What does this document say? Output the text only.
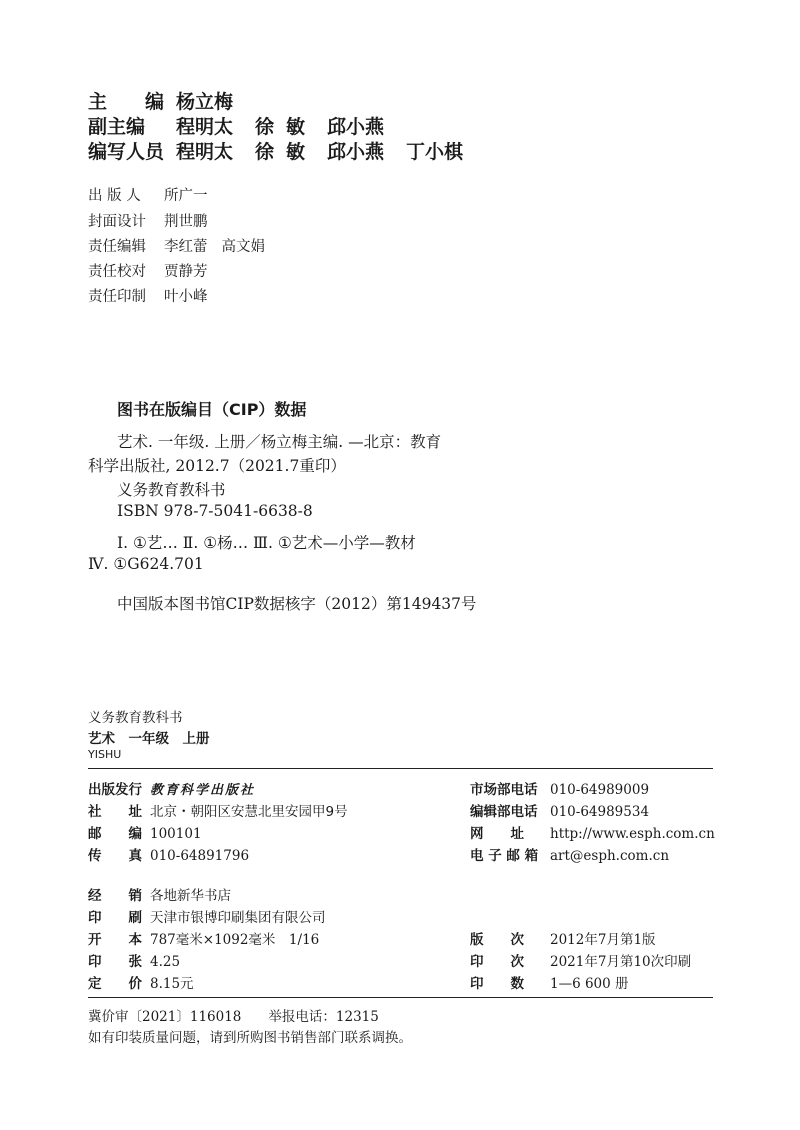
主　　编 杨立梅
副主编 程明太 徐敏 邱小燕
编写人员 程明太 徐敏 邱小燕 丁小棋
出 版 人 所广一
封面设计 荆世鹏
责任编辑 李红蕾 高文娟
责任校对 贾静芳
责任印制 叶小峰
图书在版编目（CIP）数据
艺术. 一年级. 上册／杨立梅主编. —北京：教育
科学出版社, 2012.7（2021.7重印）
义务教育教科书
ISBN 978-7-5041-6638-8
Ⅰ. ①艺… Ⅱ. ①杨… Ⅲ. ①艺术—小学—教材
Ⅳ. ①G624.701
中国版本图书馆CIP数据核字（2012）第149437号
义务教育教科书
艺术　一年级　上册
YISHU
出版发行 教育科学出版社
社　　址 北京・朝阳区安慧北里安园甲9号
邮　　编 100101
传　　真 010-64891796
市场部电话 010-64989009
编辑部电话 010-64989534
网　　址 http://www.esph.com.cn
电 子 邮 箱 art@esph.com.cn
经　　销 各地新华书店
印　　刷 天津市银博印刷集团有限公司
开　　本 787毫米×1092毫米　1/16
印　　张 4.25
定　　价 8.15元
版　　次 2012年7月第1版
印　　次 2021年7月第10次印刷
印　　数 1—6 600 册
冀价审〔2021〕116018　　举报电话：12315
如有印装质量问题，请到所购图书销售部门联系调换。
